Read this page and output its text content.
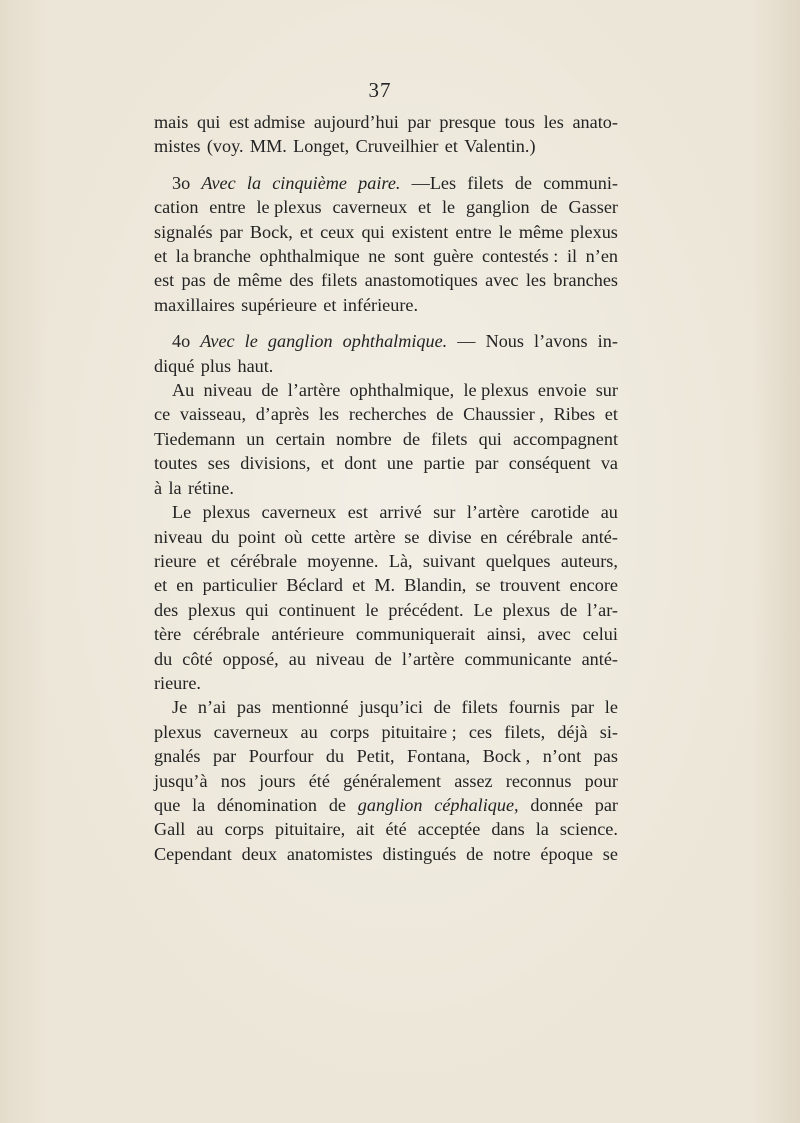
37
mais qui est admise aujourd’hui par presque tous les anato-
mistes (voy. MM. Longet, Cruveilhier et Valentin.)
3o Avec la cinquième paire. —Les filets de communi-
cation entre le plexus caverneux et le ganglion de Gasser
signalés par Bock, et ceux qui existent entre le même plexus
et la branche ophthalmique ne sont guère contestés : il n’en
est pas de même des filets anastomotiques avec les branches
maxillaires supérieure et inférieure.
4o Avec le ganglion ophthalmique. — Nous l’avons in-
diqué plus haut.
Au niveau de l’artère ophthalmique, le plexus envoie sur
ce vaisseau, d’après les recherches de Chaussier , Ribes et
Tiedemann un certain nombre de filets qui accompagnent
toutes ses divisions, et dont une partie par conséquent va
à la rétine.
Le plexus caverneux est arrivé sur l’artère carotide au
niveau du point où cette artère se divise en cérébrale anté-
rieure et cérébrale moyenne. Là, suivant quelques auteurs,
et en particulier Béclard et M. Blandin, se trouvent encore
des plexus qui continuent le précédent. Le plexus de l’ar-
tère cérébrale antérieure communiquerait ainsi, avec celui
du côté opposé, au niveau de l’artère communicante anté-
rieure.
Je n’ai pas mentionné jusqu’ici de filets fournis par le
plexus caverneux au corps pituitaire ; ces filets, déjà si-
gnalés par Pourfour du Petit, Fontana, Bock , n’ont pas
jusqu’à nos jours été généralement assez reconnus pour
que la dénomination de ganglion céphalique, donnée par
Gall au corps pituitaire, ait été acceptée dans la science.
Cependant deux anatomistes distingués de notre époque se
